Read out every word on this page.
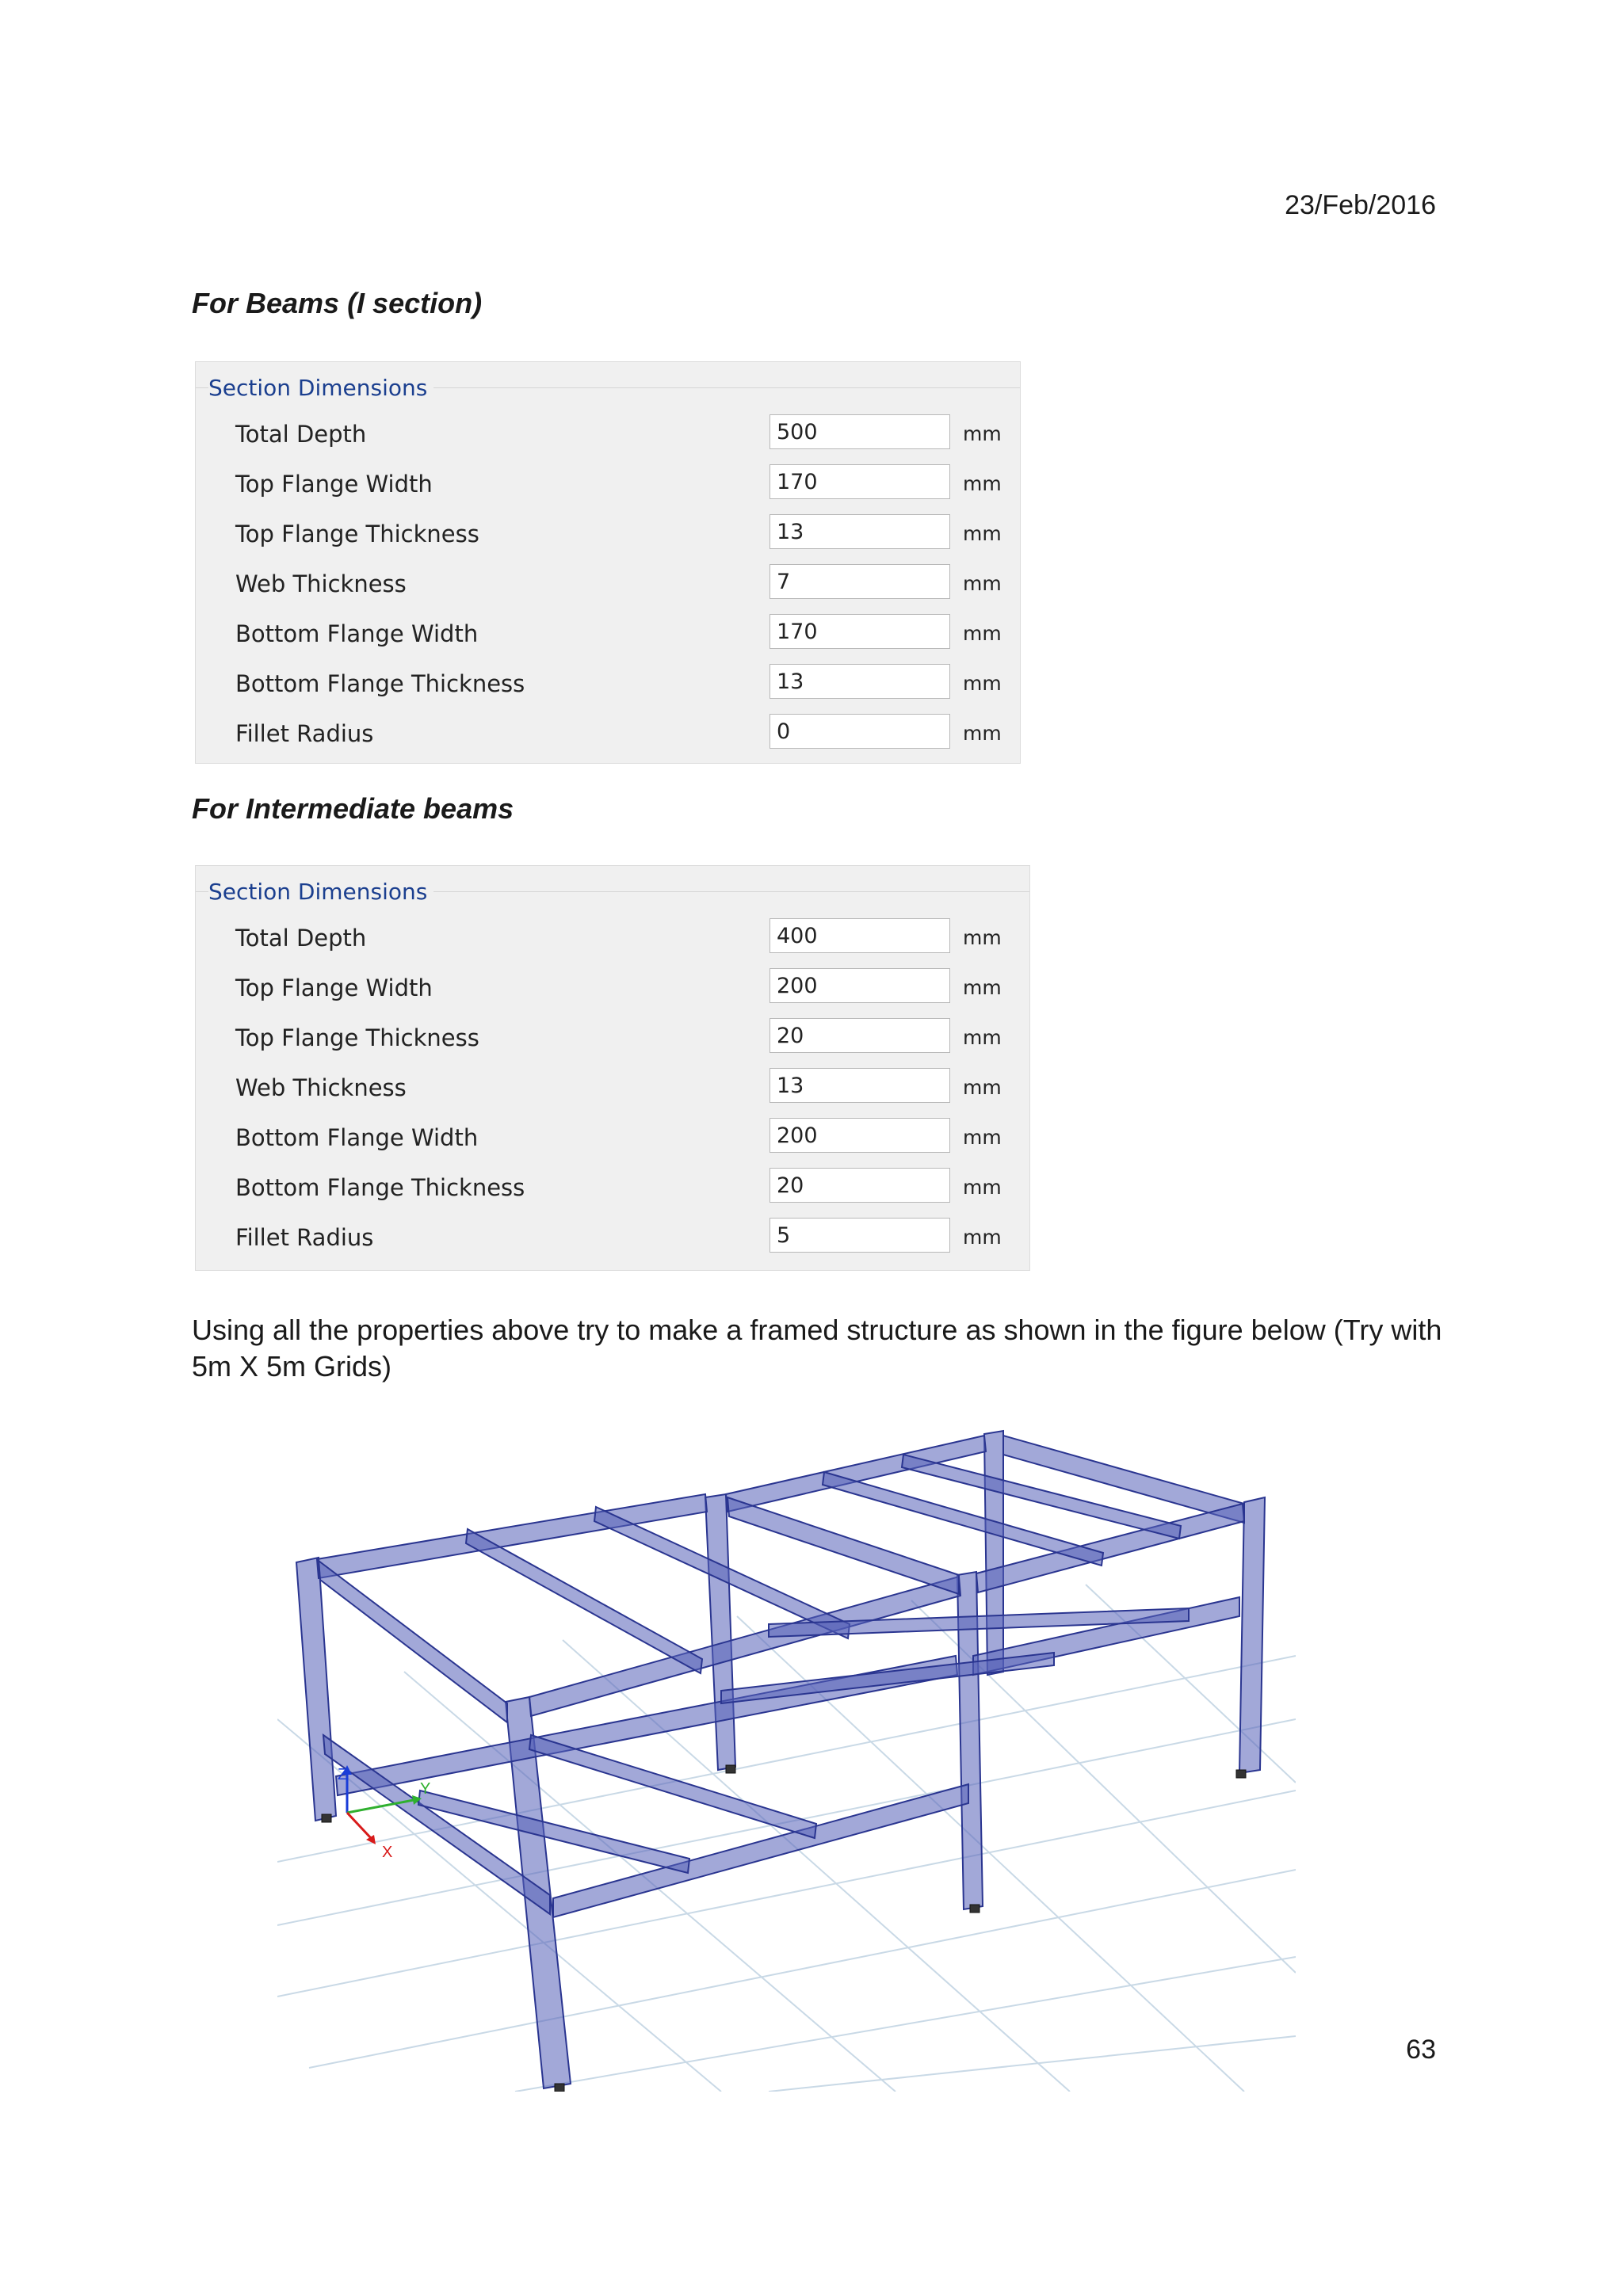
23/Feb/2016
For Beams (I section)
Section Dimensions
Total Depth	500	mm
Top Flange Width	170	mm
Top Flange Thickness	13	mm
Web Thickness	7	mm
Bottom Flange Width	170	mm
Bottom Flange Thickness	13	mm
Fillet Radius	0	mm
For Intermediate beams
Section Dimensions
Total Depth	400	mm
Top Flange Width	200	mm
Top Flange Thickness	20	mm
Web Thickness	13	mm
Bottom Flange Width	200	mm
Bottom Flange Thickness	20	mm
Fillet Radius	5	mm
Using all the properties above try to make a framed structure as shown in the figure below (Try with 5m X 5m Grids)
Z
Y
X
63
